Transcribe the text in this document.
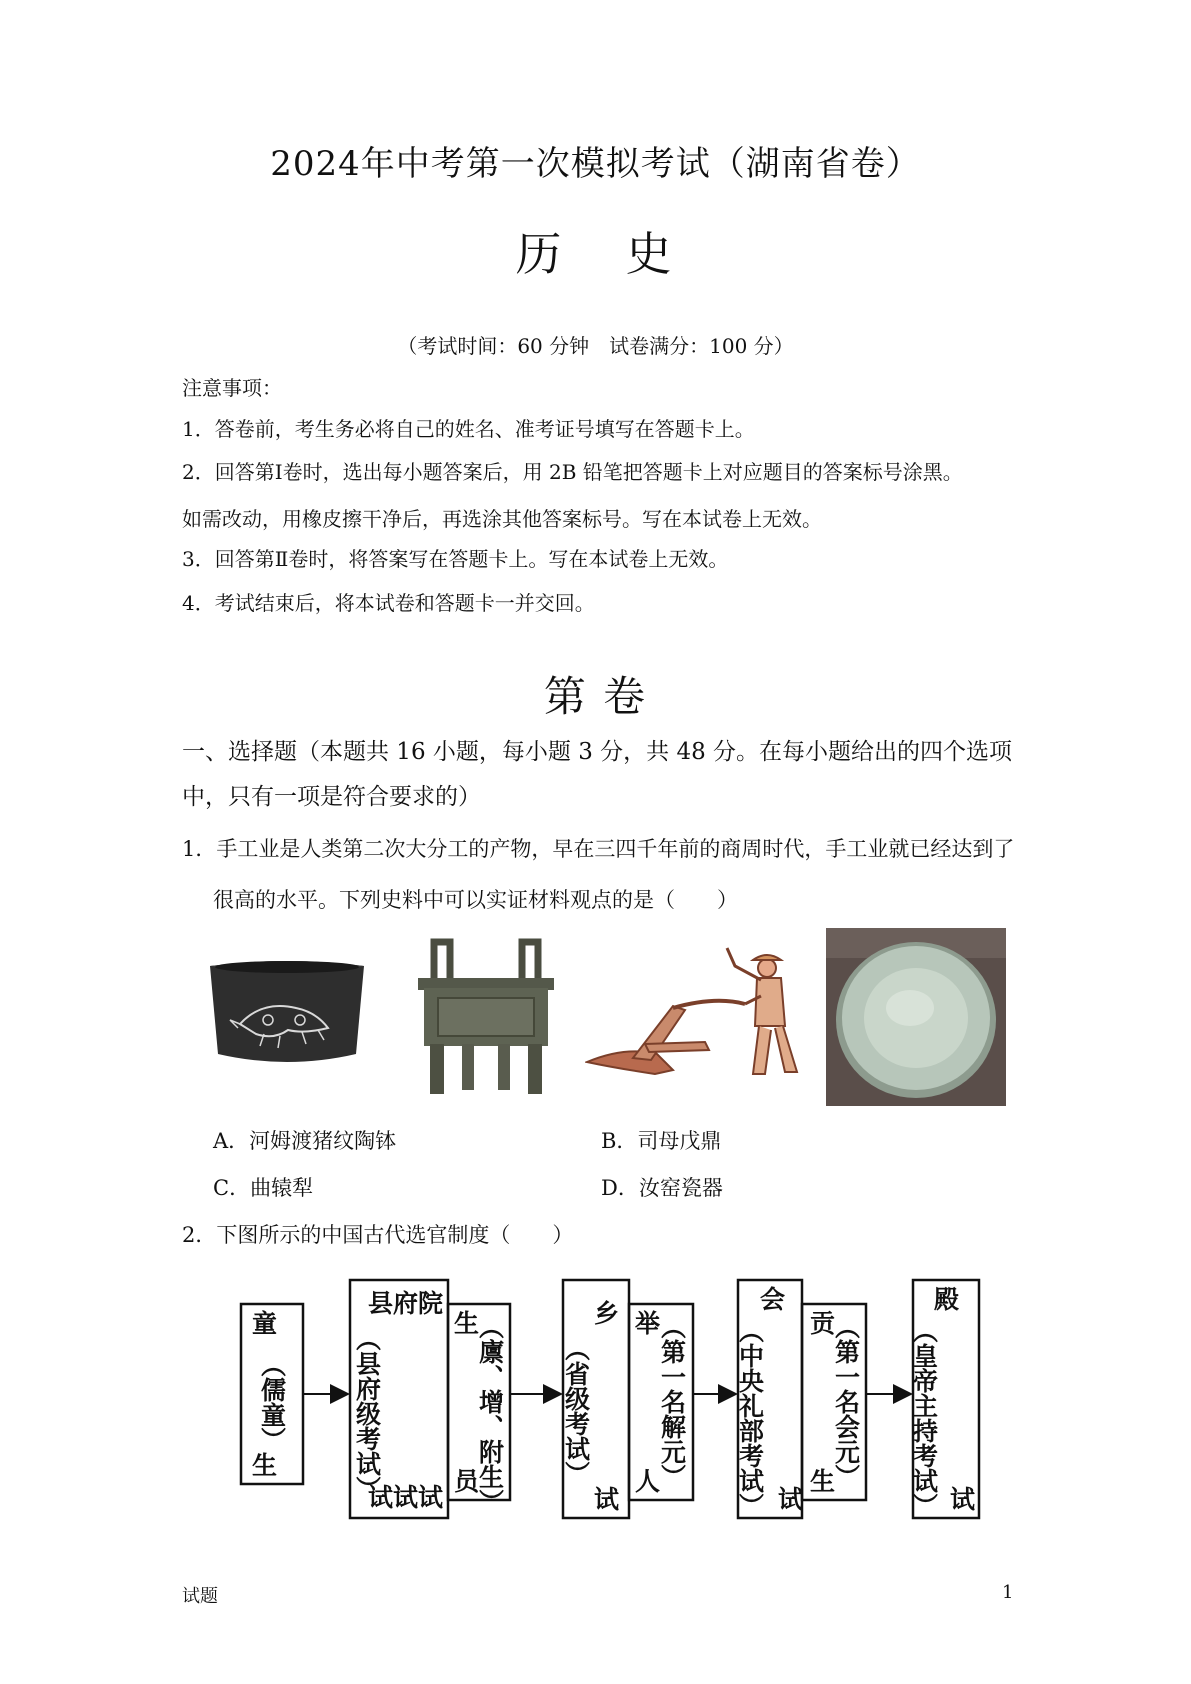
2024年中考第一次模拟考试（湖南省卷）
历 史
（考试时间：60 分钟　试卷满分：100 分）
注意事项：
1．答卷前，考生务必将自己的姓名、准考证号填写在答题卡上。
2．回答第Ⅰ卷时，选出每小题答案后，用 2B 铅笔把答题卡上对应题目的答案标号涂黑。
如需改动，用橡皮擦干净后，再选涂其他答案标号。写在本试卷上无效。
3．回答第Ⅱ卷时，将答案写在答题卡上。写在本试卷上无效。
4．考试结束后，将本试卷和答题卡一并交回。
第 卷
一、选择题（本题共 16 小题，每小题 3 分，共 48 分。在每小题给出的四个选项
中，只有一项是符合要求的）
1．手工业是人类第二次大分工的产物，早在三四千年前的商周时代，手工业就已经达到了
很高的水平。下列史料中可以实证材料观点的是（　　）
A．河姆渡猪纹陶钵	B．司母戊鼎
C．曲辕犁	D．汝窑瓷器
2．下图所示的中国古代选官制度（　　）
童
（儒童）
生
县府院
（县府级考试）
试试试
生
员
（廪、增、附生）
乡
（省级考试）
试
举
人
（第一名解元）
会
（中央礼部考试） 试
贡
生
（第一名会元）
殿
（皇帝主持考试） 试
试题	1
